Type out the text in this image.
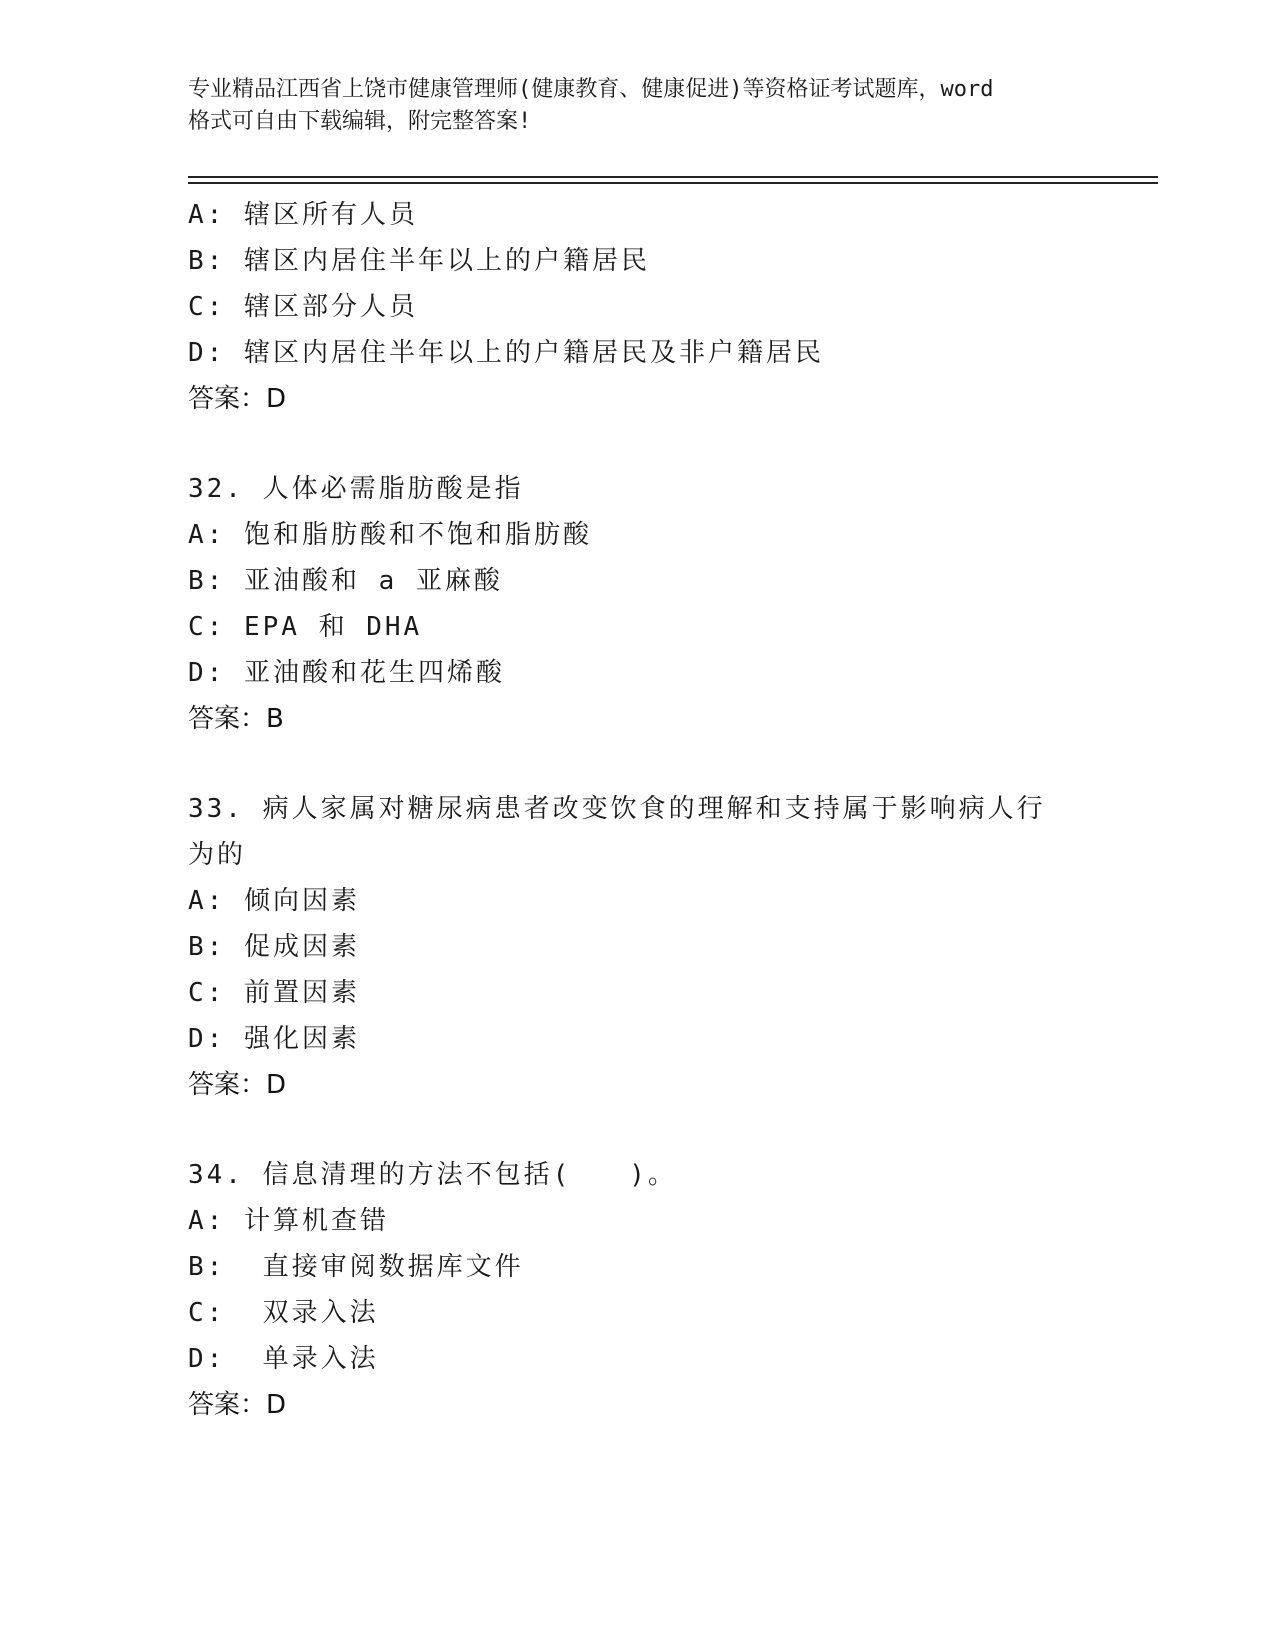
专业精品江西省上饶市健康管理师(健康教育、健康促进)等资格证考试题库，word
格式可自由下载编辑，附完整答案!
A: 辖区所有人员
B: 辖区内居住半年以上的户籍居民
C: 辖区部分人员
D: 辖区内居住半年以上的户籍居民及非户籍居民
答案：D
32. 人体必需脂肪酸是指
A: 饱和脂肪酸和不饱和脂肪酸
B: 亚油酸和 a 亚麻酸
C: EPA 和 DHA
D: 亚油酸和花生四烯酸
答案：B
33. 病人家属对糖尿病患者改变饮食的理解和支持属于影响病人行为的
A: 倾向因素
B: 促成因素
C: 前置因素
D: 强化因素
答案：D
34. 信息清理的方法不包括(　　)。
A: 计算机查错
B:  直接审阅数据库文件
C:  双录入法
D:  单录入法
答案：D
